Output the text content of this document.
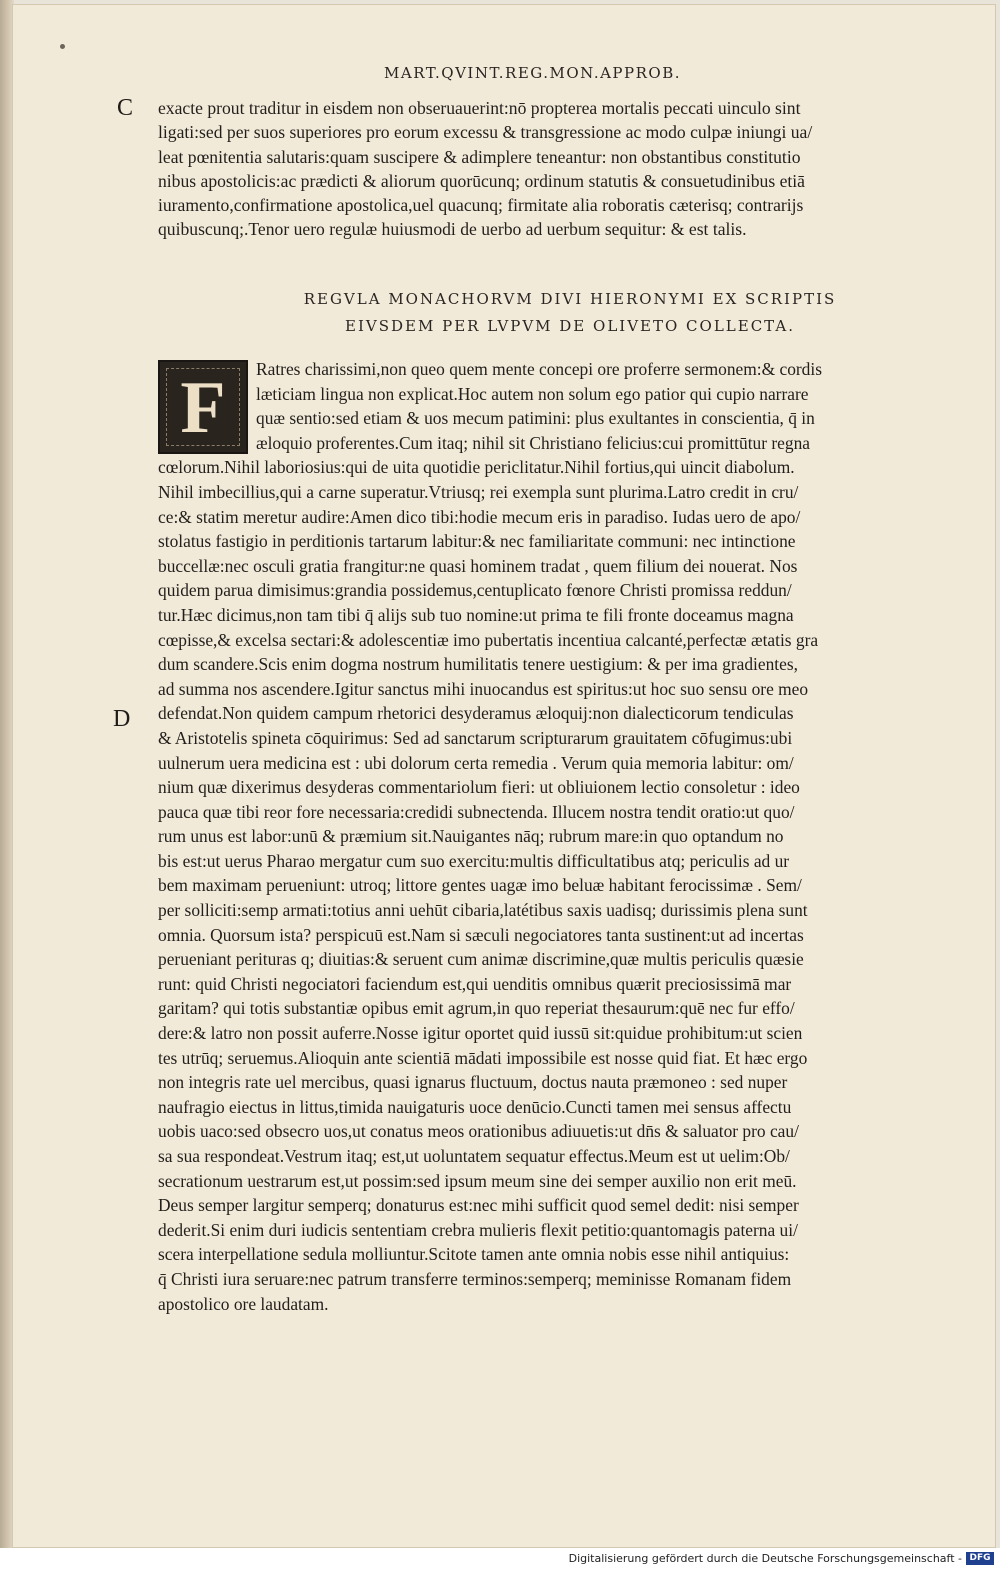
MART.QVINT.REG.MON.APPROB.
C
D
exacte prout traditur in eisdem non obseruauerint:nō propterea mortalis peccati uinculo sint
ligati:sed per suos superiores pro eorum excessu & transgressione ac modo culpæ iniungi ua/
leat pœnitentia salutaris:quam suscipere & adimplere teneantur: non obstantibus constitutio
nibus apostolicis:ac prædicti & aliorum quorūcunq; ordinum statutis & consuetudinibus etiā
iuramento,confirmatione apostolica,uel quacunq; firmitate alia roboratis cæterisq; contrarijs
quibuscunq;.Tenor uero regulæ huiusmodi de uerbo ad uerbum sequitur: & est talis.
REGVLA MONACHORVM DIVI HIERONYMI EX SCRIPTIS
EIVSDEM PER LVPVM DE OLIVETO COLLECTA.
F	Ratres charissimi,non queo quem mente concepi ore proferre sermonem:& cordis
læticiam lingua non explicat.Hoc autem non solum ego patior qui cupio narrare
quæ sentio:sed etiam & uos mecum patimini: plus exultantes in conscientia, q̄ in
æloquio proferentes.Cum itaq; nihil sit Christiano felicius:cui promittūtur regna
cœlorum.Nihil laboriosius:qui de uita quotidie periclitatur.Nihil fortius,qui uincit diabolum.
Nihil imbecillius,qui a carne superatur.Vtriusq; rei exempla sunt plurima.Latro credit in cru/
ce:& statim meretur audire:Amen dico tibi:hodie mecum eris in paradiso. Iudas uero de apo/
stolatus fastigio in perditionis tartarum labitur:& nec familiaritate communi: nec intinctione
buccellæ:nec osculi gratia frangitur:ne quasi hominem tradat , quem filium dei nouerat. Nos
quidem parua dimisimus:grandia possidemus,centuplicato fœnore Christi promissa reddun/
tur.Hæc dicimus,non tam tibi q̄ alijs sub tuo nomine:ut prima te fili fronte doceamus magna
cœpisse,& excelsa sectari:& adolescentiæ imo pubertatis incentiua calcanté,perfectæ ætatis gra
dum scandere.Scis enim dogma nostrum humilitatis tenere uestigium: & per ima gradientes,
ad summa nos ascendere.Igitur sanctus mihi inuocandus est spiritus:ut hoc suo sensu ore meo
defendat.Non quidem campum rhetorici desyderamus æloquij:non dialecticorum tendiculas
& Aristotelis spineta cōquirimus: Sed ad sanctarum scripturarum grauitatem cōfugimus:ubi
uulnerum uera medicina est : ubi dolorum certa remedia . Verum quia memoria labitur: om/
nium quæ dixerimus desyderas commentariolum fieri: ut obliuionem lectio consoletur : ideo
pauca quæ tibi reor fore necessaria:credidi subnectenda. Illucem nostra tendit oratio:ut quo/
rum unus est labor:unū & præmium sit.Nauigantes nāq; rubrum mare:in quo optandum no
bis est:ut uerus Pharao mergatur cum suo exercitu:multis difficultatibus atq; periculis ad ur
bem maximam perueniunt: utroq; littore gentes uagæ imo beluæ habitant ferocissimæ . Sem/
per solliciti:semp armati:totius anni uehūt cibaria,latétibus saxis uadisq; durissimis plena sunt
omnia. Quorsum ista? perspicuū est.Nam si sæculi negociatores tanta sustinent:ut ad incertas
perueniant perituras q; diuitias:& seruent cum animæ discrimine,quæ multis periculis quæsie
runt: quid Christi negociatori faciendum est,qui uenditis omnibus quærit preciosissimā mar
garitam? qui totis substantiæ opibus emit agrum,in quo reperiat thesaurum:quē nec fur effo/
dere:& latro non possit auferre.Nosse igitur oportet quid iussū sit:quidue prohibitum:ut scien
tes utrūq; seruemus.Alioquin ante scientiā mādati impossibile est nosse quid fiat. Et hæc ergo
non integris rate uel mercibus, quasi ignarus fluctuum, doctus nauta præmoneo : sed nuper
naufragio eiectus in littus,timida nauigaturis uoce denūcio.Cuncti tamen mei sensus affectu
uobis uaco:sed obsecro uos,ut conatus meos orationibus adiuuetis:ut dn̄s & saluator pro cau/
sa sua respondeat.Vestrum itaq; est,ut uoluntatem sequatur effectus.Meum est ut uelim:Ob/
secrationum uestrarum est,ut possim:sed ipsum meum sine dei semper auxilio non erit meū.
Deus semper largitur semperq; donaturus est:nec mihi sufficit quod semel dedit: nisi semper
dederit.Si enim duri iudicis sententiam crebra mulieris flexit petitio:quantomagis paterna ui/
scera interpellatione sedula molliuntur.Scitote tamen ante omnia nobis esse nihil antiquius:
q̄ Christi iura seruare:nec patrum transferre terminos:semperq; meminisse Romanam fidem
apostolico ore laudatam.
Digitalisierung gefördert durch die Deutsche Forschungsgemeinschaft - DFG
